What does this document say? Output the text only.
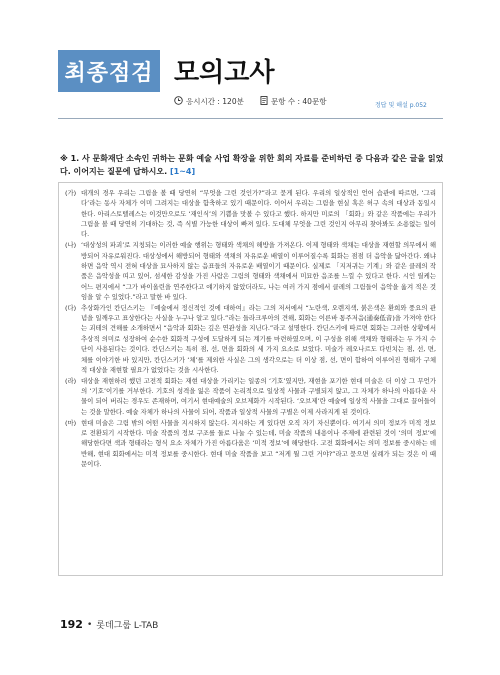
최종점검 모의고사
응시시간 : 120분	문항 수 : 40문항	정답 및 해설 p.052
※ 1. 사 문화재단 소속인 귀하는 문화 예술 사업 확장을 위한 회의 자료를 준비하던 중 다음과 같은 글을 읽었다. 이어지는 질문에 답하시오. [1~4]
(가) 대개의 경우 우리는 그림을 볼 때 당연히 “무엇을 그린 것인가?”라고 묻게 된다. 우리의 일상적인 언어 습관에 따르면, ‘그리다’라는 동사 자체가 이미 그려지는 대상을 함축하고 있기 때문이다. 이어서 우리는 그림을 현실 혹은 허구 속의 대상과 동일시 한다. 아리스토텔레스는 이것만으로도 ‘재인식’의 기쁨을 맛볼 수 있다고 했다. 하지만 미로의 「회화」와 같은 작품에는 우리가 그림을 볼 때 당연히 기대하는 것, 즉 식별 가능한 대상이 빠져 있다. 도대체 무엇을 그린 것인지 아무리 찾아봐도 소용없는 일이다.
(나) ‘대상성의 파괴’로 지칭되는 이러한 예술 행위는 형태와 색채의 해방을 가져온다. 이제 형태와 색채는 대상을 재현할 의무에서 해방되어 자유로워진다. 대상성에서 해방되어 형태와 색채의 자유로운 배열이 이루어질수록 회화는 점점 더 음악을 닮아간다. 왜냐하면 음악 역시 전혀 대상을 묘사하지 않는 음표들의 자유로운 배열이기 때문이다. 실제로 「지저귀는 기계」와 같은 클레의 작품은 음악성을 띠고 있어, 섬세한 감성을 가진 사람은 그림의 형태와 색채에서 미묘한 음조를 느낄 수 있다고 한다. 시인 릴케는 어느 편지에서 “그가 바이올린을 연주한다고 얘기하지 않았더라도, 나는 여러 가지 점에서 클레의 그림들이 음악을 옮겨 적은 것임을 알 수 있었다.”라고 말한 바 있다.
(다) 추상화가인 칸딘스키는 『예술에서 정신적인 것에 대하여』라는 그의 저서에서 “노란색, 오렌지색, 붉은색은 환희와 풍요의 관념을 일깨우고 표상한다는 사실을 누구나 알고 있다.”라는 들라크루아의 견해, 회화는 이른바 통주저음(通奏低音)을 가져야 한다는 괴테의 견해를 소개하면서 “음악과 회화는 깊은 연관성을 지닌다.”라고 설명한다. 칸딘스키에 따르면 회화는 그러한 상황에서 추상적 의미로 성장하여 순수한 회화적 구성에 도달하게 되는 계기를 마련하였으며, 이 구성을 위해 색채와 형태라는 두 가지 수단이 사용된다는 것이다. 칸딘스키는 특히 점, 선, 면을 회화의 세 가지 요소로 보았다. 미술가 레오나르도 다빈치는 점, 선, 면, 체를 이야기한 바 있지만, 칸딘스키가 ‘체’를 제외한 사실은 그의 생각으로는 더 이상 점, 선, 면이 합하여 이루어진 형태가 구체적 대상을 재현할 필요가 없었다는 것을 시사한다.
(라) 대상을 재현하려 했던 고전적 회화는 재현 대상을 가리키는 일종의 ‘기호’였지만, 재현을 포기한 현대 미술은 더 이상 그 무언가의 ‘기호’이기를 거부한다. 기호의 성격을 잃은 작품이 논리적으로 일상적 사물과 구별되지 않고, 그 자체가 하나의 아름다운 사물이 되어 버리는 경우도 존재하며, 여기서 현대예술의 오브제화가 시작된다. ‘오브제’란 예술에 일상적 사물을 그대로 끌어들이는 것을 말한다. 예술 자체가 하나의 사물이 되어, 작품과 일상적 사물의 구별은 이제 사라지게 된 것이다.
(마) 현대 미술은 그림 밖의 어떤 사물을 지시하지 않는다. 지시하는 게 있다면 오직 자기 자신뿐이다. 여기서 의미 정보가 미적 정보로 전환되기 시작한다. 미술 작품의 정보 구조를 둘로 나눌 수 있는데, 미술 작품의 내용이나 주제에 관련된 것이 ‘의미 정보’에 해당한다면 색과 형태라는 형식 요소 자체가 가진 아름다움은 ‘미적 정보’에 해당한다. 고전 회화에서는 의미 정보를 중시하는 데 반해, 현대 회화에서는 미적 정보를 중시한다. 현대 미술 작품을 보고 “저게 뭘 그린 거야?”라고 묻으면 실례가 되는 것은 이 때문이다.
192 • 롯데그룹 L-TAB
